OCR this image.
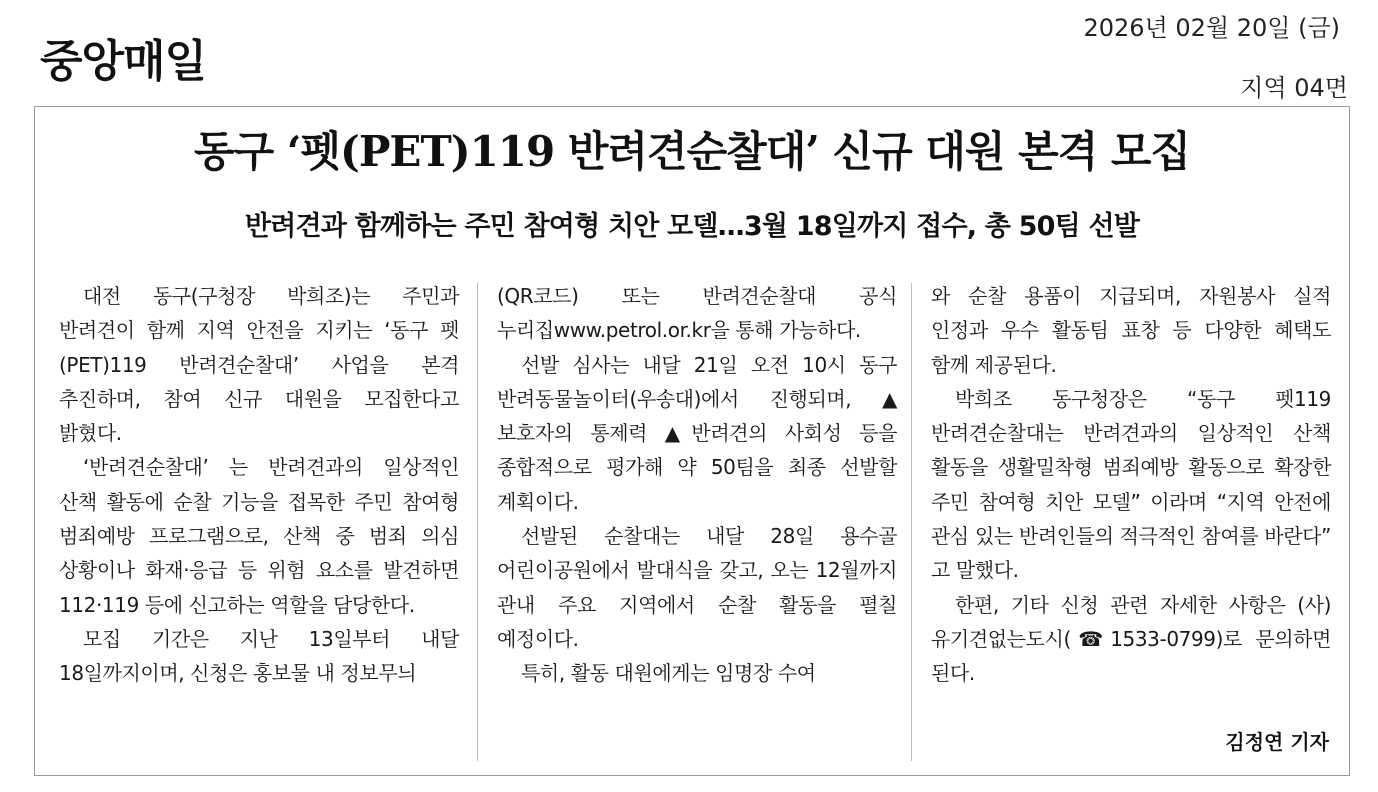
중앙매일
2026년 02월 20일 (금)
지역 04면
동구 ‘펫(PET)119 반려견순찰대’ 신규 대원 본격 모집
반려견과 함께하는 주민 참여형 치안 모델…3월 18일까지 접수, 총 50팀 선발

대전 동구(구청장 박희조)는 주민과 반려견이 함께 지역 안전을 지키는 ‘동구 펫(PET)119 반려견순찰대’ 사업을 본격 추진하며, 참여 신규 대원을 모집한다고 밝혔다.

‘반려견순찰대’ 는 반려견과의 일상적인 산책 활동에 순찰 기능을 접목한 주민 참여형 범죄예방 프로그램으로, 산책 중 범죄 의심 상황이나 화재·응급 등 위험 요소를 발견하면 112·119 등에 신고하는 역할을 담당한다.

모집 기간은 지난 13일부터 내달 18일까지이며, 신청은 홍보물 내 정보무늬

(QR코드) 또는 반려견순찰대 공식 누리집www.petrol.or.kr을 통해 가능하다.

선발 심사는 내달 21일 오전 10시 동구 반려동물놀이터(우송대)에서 진행되며, ▲보호자의 통제력 ▲반려견의 사회성 등을 종합적으로 평가해 약 50팀을 최종 선발할 계획이다.

선발된 순찰대는 내달 28일 용수골 어린이공원에서 발대식을 갖고, 오는 12월까지 관내 주요 지역에서 순찰 활동을 펼칠 예정이다.

특히, 활동 대원에게는 임명장 수여

와 순찰 용품이 지급되며, 자원봉사 실적 인정과 우수 활동팀 표창 등 다양한 혜택도 함께 제공된다.

박희조 동구청장은 “동구 펫119 반려견순찰대는 반려견과의 일상적인 산책 활동을 생활밀착형 범죄예방 활동으로 확장한 주민 참여형 치안 모델” 이라며 “지역 안전에 관심 있는 반려인들의 적극적인 참여를 바란다” 고 말했다.

한편, 기타 신청 관련 자세한 사항은 (사)유기견없는도시(☎1533-0799)로 문의하면 된다.

김정연 기자
